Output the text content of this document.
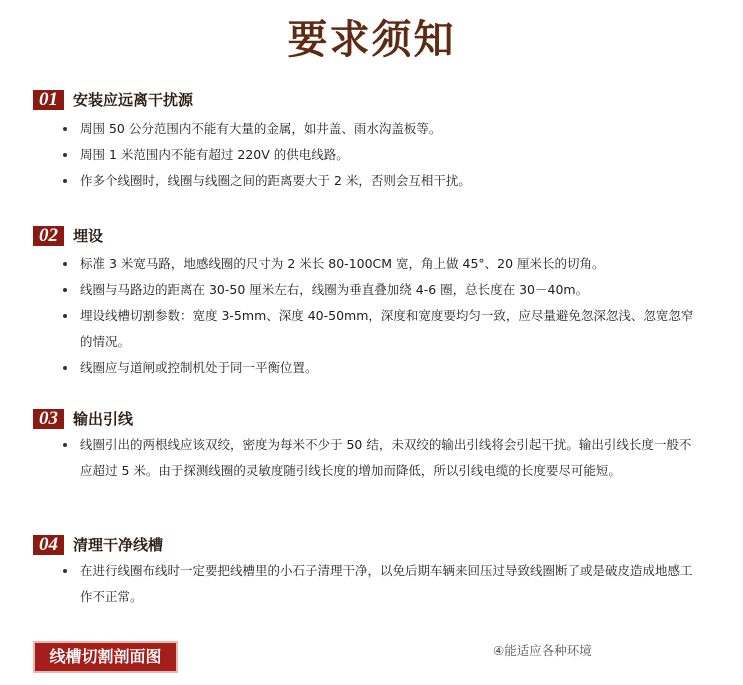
要求须知
01	安装应远离干扰源
周围 50 公分范围内不能有大量的金属，如井盖、雨水沟盖板等。
周围 1 米范围内不能有超过 220V 的供电线路。
作多个线圈时，线圈与线圈之间的距离要大于 2 米，否则会互相干扰。
02	埋设
标准 3 米宽马路，地感线圈的尺寸为 2 米长 80-100CM 宽，角上做 45°、20 厘米长的切角。
线圈与马路边的距离在 30-50 厘米左右，线圈为垂直叠加绕 4-6 圈，总长度在 30－40m。
埋设线槽切割参数：宽度 3-5mm、深度 40-50mm，深度和宽度要均匀一致，应尽量避免忽深忽浅、忽宽忽窄的情况。
线圈应与道闸或控制机处于同一平衡位置。
03	输出引线
线圈引出的两根线应该双绞，密度为每米不少于 50 结，未双绞的输出引线将会引起干扰。输出引线长度一般不应超过 5 米。由于探测线圈的灵敏度随引线长度的增加而降低，所以引线电缆的长度要尽可能短。
04	清理干净线槽
在进行线圈布线时一定要把线槽里的小石子清理干净，以免后期车辆来回压过导致线圈断了或是破皮造成地感工作不正常。
线槽切割剖面图	④能适应各种环境
